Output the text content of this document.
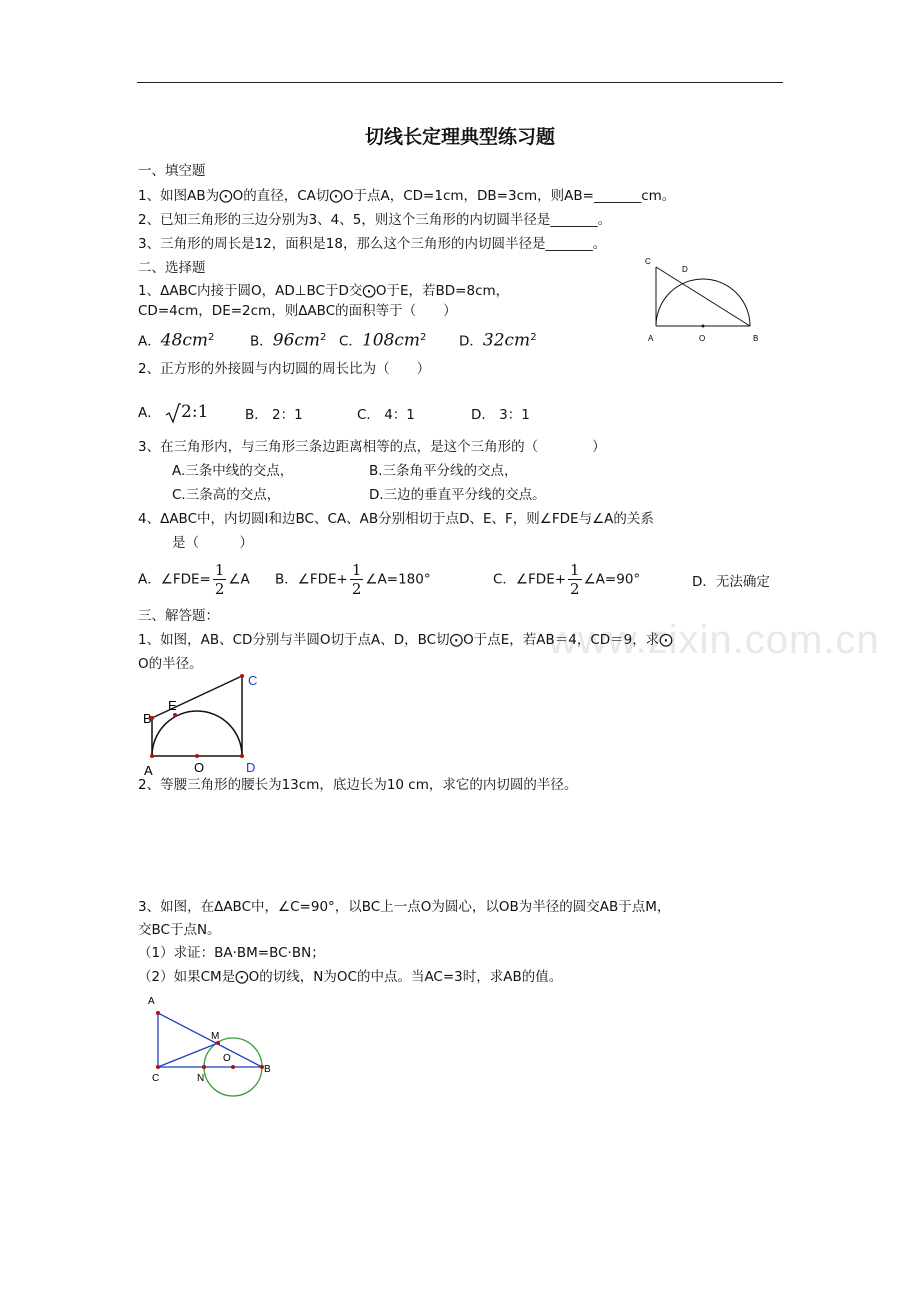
切线长定理典型练习题
www.zixin.com.cn
一、填空题
1、如图AB为⨀O的直径，CA切⨀O于点A，CD=1cm，DB=3cm，则AB=_______cm。
2、已知三角形的三边分别为3、4、5，则这个三角形的内切圆半径是_______。
3、三角形的周长是12，面积是18，那么这个三角形的内切圆半径是_______。
二、选择题
1、ΔABC内接于圆O，AD⊥BC于D交⨀O于E，若BD=8cm，
CD=4cm，DE=2cm，则ΔABC的面积等于（　　）
A．$48cm^2$	B．$96cm^2$ C．$108cm^2$ D．$32cm^2$
2、正方形的外接圆与内切圆的周长比为（　　）
A． 2:1	B． 2：1	C． 4：1	D． 3：1
3、在三角形内，与三角形三条边距离相等的点，是这个三角形的（　　　　）
A.三条中线的交点，	B.三条角平分线的交点，
C.三条高的交点，	D.三边的垂直平分线的交点。
4、ΔABC中，内切圆I和边BC、CA、AB分别相切于点D、E、F，则∠FDE与∠A的关系
是（　　　）
A．∠FDE= $\frac{1}{2}$ ∠A B．∠FDE+ $\frac{1}{2}$ ∠A=180°	C．∠FDE+ $\frac{1}{2}$ ∠A=90°	D．无法确定
三、解答题：
1、如图，AB、CD分别与半圆O切于点A、D，BC切⨀O于点E，若AB＝4，CD＝9，求⨀
O的半径。
2、等腰三角形的腰长为13cm，底边长为10 cm，求它的内切圆的半径。
3、如图，在ΔABC中，∠C=90°，以BC上一点O为圆心，以OB为半径的圆交AB于点M，
交BC于点N。
（1）求证：BA·BM=BC·BN；
（2）如果CM是⨀O的切线，N为OC的中点。当AC=3时，求AB的值。
C
D
A	O	B
B
E
C
A	O	D
A
M
O
B
C	N
